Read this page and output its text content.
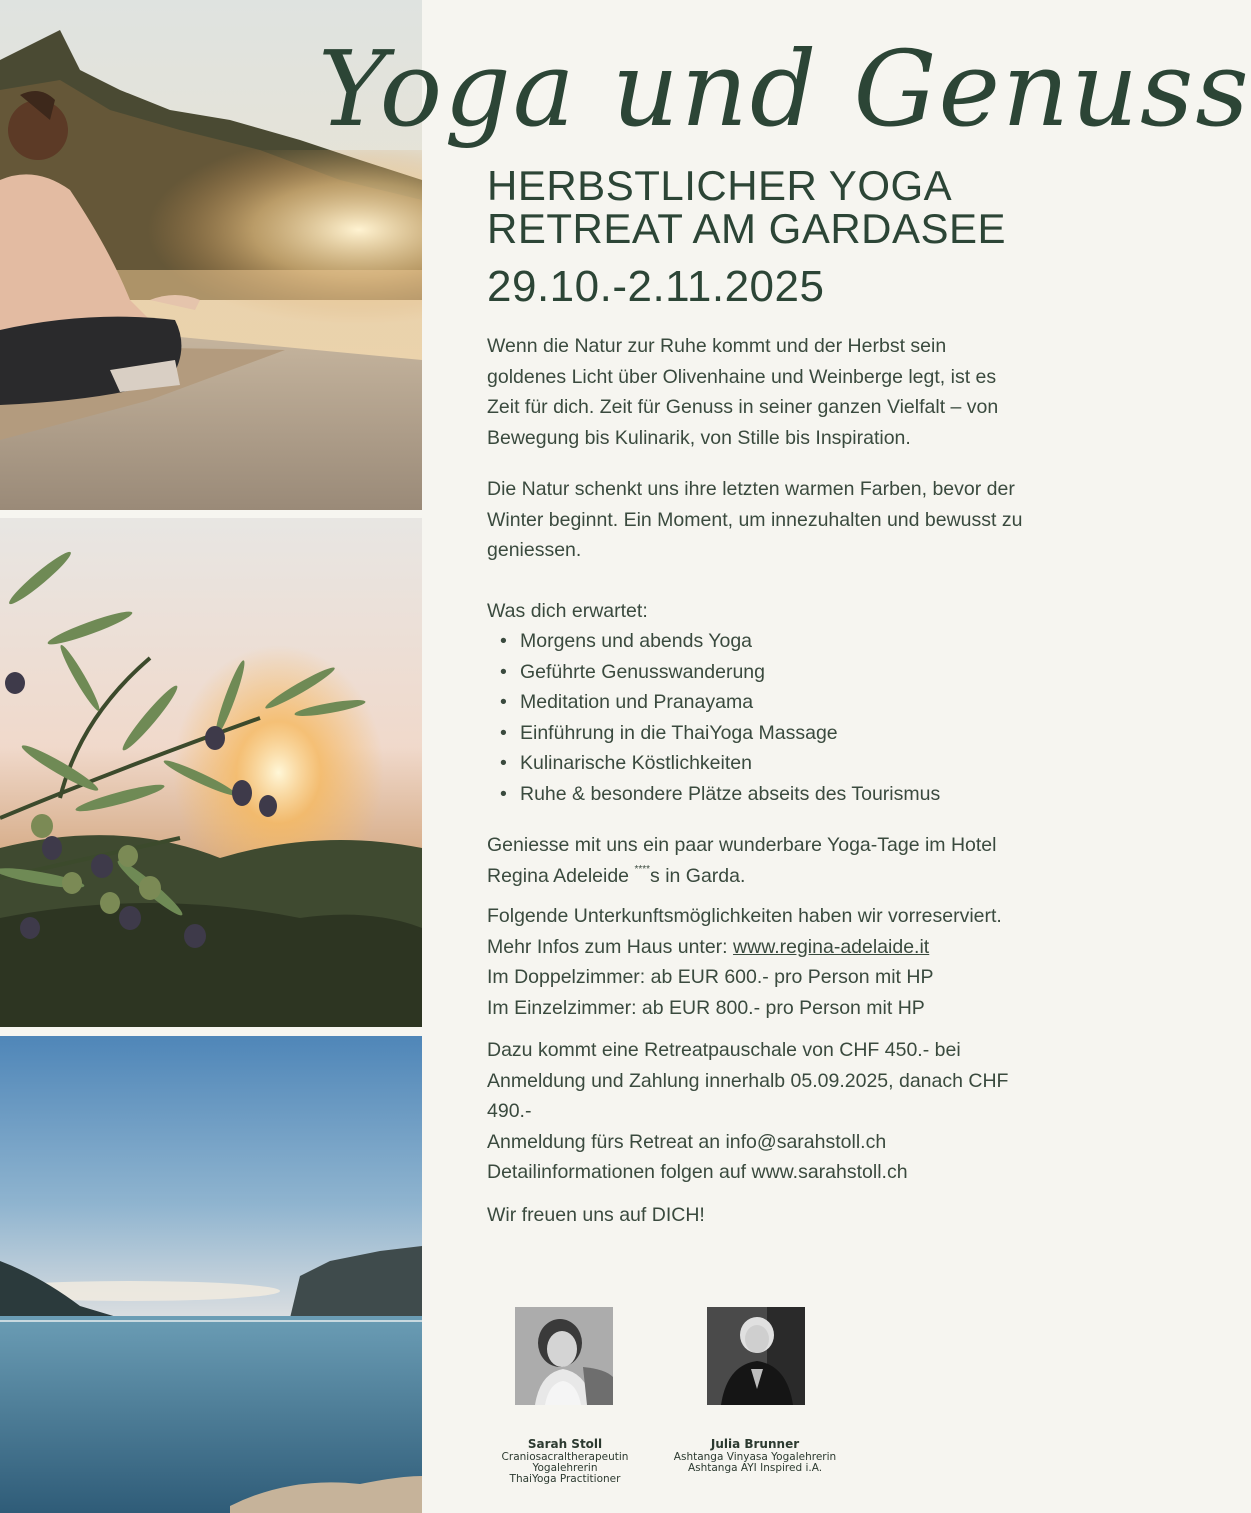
Yoga und Genuss
HERBSTLICHER YOGA
RETREAT AM GARDASEE
29.10.-2.11.2025

Wenn die Natur zur Ruhe kommt und der Herbst sein goldenes Licht über Olivenhaine und Weinberge legt, ist es Zeit für dich. Zeit für Genuss in seiner ganzen Vielfalt – von Bewegung bis Kulinarik, von Stille bis Inspiration.

Die Natur schenkt uns ihre letzten warmen Farben, bevor der Winter beginnt. Ein Moment, um innezuhalten und bewusst zu geniessen.

Was dich erwartet:

• Morgens und abends Yoga
• Geführte Genusswanderung
• Meditation und Pranayama
• Einführung in die ThaiYoga Massage
• Kulinarische Köstlichkeiten
• Ruhe & besondere Plätze abseits des Tourismus

Geniesse mit uns ein paar wunderbare Yoga-Tage im Hotel Regina Adeleide ****s in Garda.

Folgende Unterkunftsmöglichkeiten haben wir vorreserviert.

Mehr Infos zum Haus unter: www.regina-adelaide.it

Im Doppelzimmer: ab EUR 600.- pro Person mit HP

Im Einzelzimmer: ab EUR 800.- pro Person mit HP

Dazu kommt eine Retreatpauschale von CHF 450.- bei Anmeldung und Zahlung innerhalb 05.09.2025, danach CHF 490.-

Anmeldung fürs Retreat an info@sarahstoll.ch

Detailinformationen folgen auf www.sarahstoll.ch

Wir freuen uns auf DICH!

Sarah Stoll
Craniosacraltherapeutin
Yogalehrerin
ThaiYoga Practitioner
Julia Brunner
Ashtanga Vinyasa Yogalehrerin
Ashtanga AYI Inspired i.A.
